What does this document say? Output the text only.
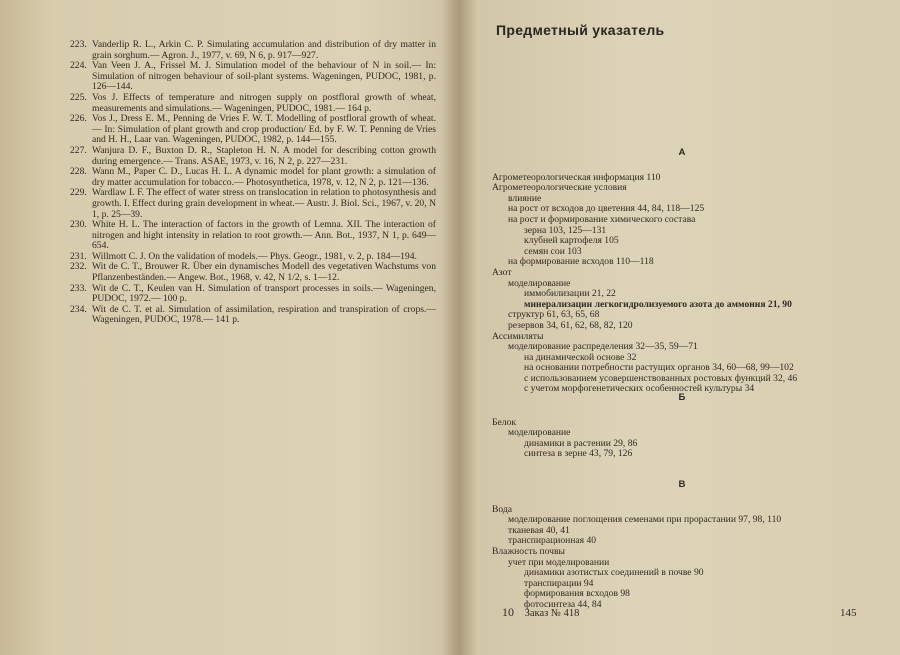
223. Vanderlip R. L., Arkin C. P. Simulating accumulation and distribution of dry matter in grain sorghum.— Agron. J., 1977, v. 69, N 6, p. 917—927.
224. Van Veen J. A., Frissel M. J. Simulation model of the behaviour of N in soil.— In: Simulation of nitrogen behaviour of soil-plant systems. Wageningen, PUDOC, 1981, p. 126—144.
225. Vos J. Effects of temperature and nitrogen supply on postfloral growth of wheat, measurements and simulations.— Wageningen, PUDOC, 1981.— 164 p.
226. Vos J., Dress E. M., Penning de Vries F. W. T. Modelling of postfloral growth of wheat.— In: Simulation of plant growth and crop production/ Ed. by F. W. T. Penning de Vries and H. H., Laar van. Wageningen, PUDOC, 1982, p. 144—155.
227. Wanjura D. F., Buxton D. R., Stapleton H. N. A model for describing cotton growth during emergence.— Trans. ASAE, 1973, v. 16, N 2, p. 227—231.
228. Wann M., Paper C. D., Lucas H. L. A dynamic model for plant growth: a simulation of dry matter accumulation for tobacco.— Photosynthetica, 1978, v. 12, N 2, p. 121—136.
229. Wardlaw I. F. The effect of water stress on translocation in relation to photosynthesis and growth. I. Effect during grain development in wheat.— Austr. J. Biol. Sci., 1967, v. 20, N 1, p. 25—39.
230. White H. L. The interaction of factors in the growth of Lemna. XII. The interaction of nitrogen and hight intensity in relation to root growth.— Ann. Bot., 1937, N 1, p. 649—654.
231. Willmott C. J. On the validation of models.— Phys. Geogr., 1981, v. 2, p. 184—194.
232. Wit de C. T., Brouwer R. Über ein dynamisches Modell des vegetativen Wachstums von Pflanzenbeständen.— Angew. Bot., 1968, v. 42, N 1/2, s. 1—12.
233. Wit de C. T., Keulen van H. Simulation of transport processes in soils.— Wageningen, PUDOC, 1972.— 100 p.
234. Wit de C. T. et al. Simulation of assimilation, respiration and transpiration of crops.— Wageningen, PUDOC, 1978.— 141 p.
Предметный указатель
А
Агрометеорологическая информация 110
Агрометеорологические условия
влияние
на рост от всходов до цветения 44, 84, 118—125
на рост и формирование химического состава
зерна 103, 125—131
клубней картофеля 105
семян сои 103
на формирование всходов 110—118
Азот
моделирование
иммобилизации 21, 22
минерализации легкогидролизуемого азота до аммония 21, 90
структур 61, 63, 65, 68
резервов 34, 61, 62, 68, 82, 120
Ассимиляты
моделирование распределения 32—35, 59—71
на динамической основе 32
на основании потребности растущих органов 34, 60—68, 99—102
с использованием усовершенствованных ростовых функций 32, 46
с учетом морфогенетических особенностей культуры 34
Б
Белок
моделирование
динамики в растении 29, 86
синтеза в зерне 43, 79, 126
В
Вода
моделирование поглощения семенами при прорастании 97, 98, 110
тканевая 40, 41
транспирационная 40
Влажность почвы
учет при моделировании
динамики азотистых соединений в почве 90
транспирации 94
формирования всходов 98
фотосинтеза 44, 84
10 Заказ № 418	145
